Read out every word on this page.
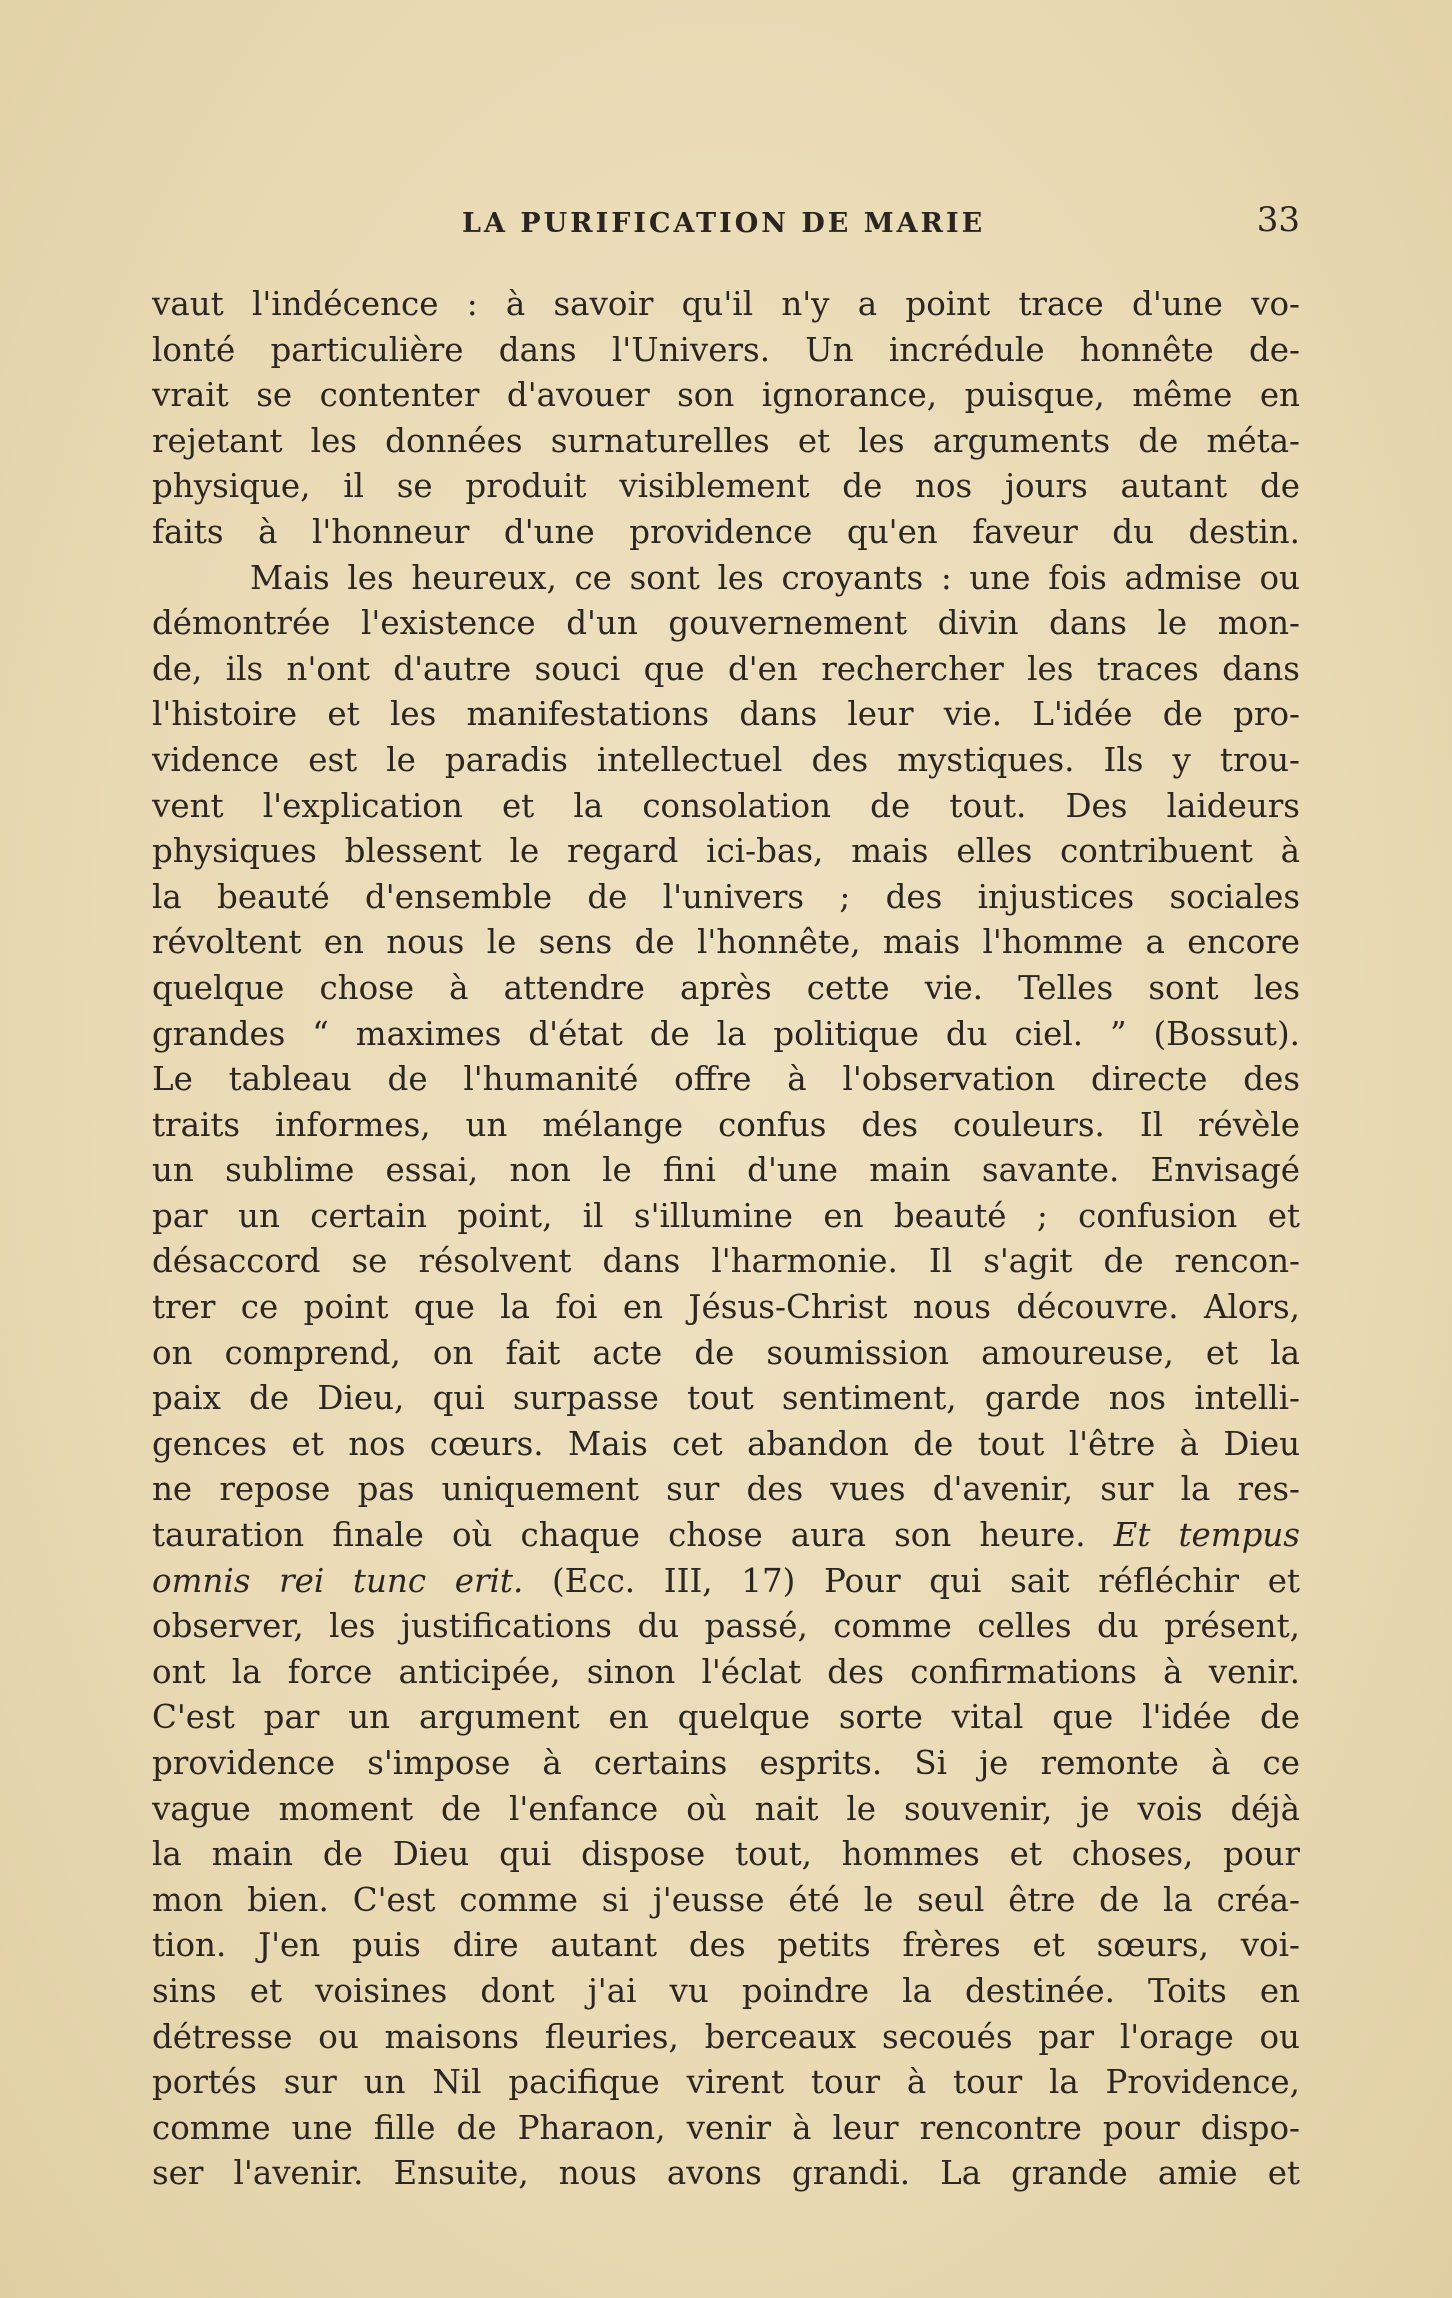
LA PURIFICATION DE MARIE	33
vaut l'indécence : à savoir qu'il n'y a point trace d'une vo-
lonté particulière dans l'Univers. Un incrédule honnête de-
vrait se contenter d'avouer son ignorance, puisque, même en
rejetant les données surnaturelles et les arguments de méta-
physique, il se produit visiblement de nos jours autant de
faits à l'honneur d'une providence qu'en faveur du destin.
Mais les heureux, ce sont les croyants : une fois admise ou
démontrée l'existence d'un gouvernement divin dans le mon-
de, ils n'ont d'autre souci que d'en rechercher les traces dans
l'histoire et les manifestations dans leur vie. L'idée de pro-
vidence est le paradis intellectuel des mystiques. Ils y trou-
vent l'explication et la consolation de tout. Des laideurs
physiques blessent le regard ici-bas, mais elles contribuent à
la beauté d'ensemble de l'univers ; des injustices sociales
révoltent en nous le sens de l'honnête, mais l'homme a encore
quelque chose à attendre après cette vie. Telles sont les
grandes “ maximes d'état de la politique du ciel. ” (Bossut).
Le tableau de l'humanité offre à l'observation directe des
traits informes, un mélange confus des couleurs. Il révèle
un sublime essai, non le fini d'une main savante. Envisagé
par un certain point, il s'illumine en beauté ; confusion et
désaccord se résolvent dans l'harmonie. Il s'agit de rencon-
trer ce point que la foi en Jésus-Christ nous découvre. Alors,
on comprend, on fait acte de soumission amoureuse, et la
paix de Dieu, qui surpasse tout sentiment, garde nos intelli-
gences et nos cœurs. Mais cet abandon de tout l'être à Dieu
ne repose pas uniquement sur des vues d'avenir, sur la res-
tauration finale où chaque chose aura son heure. Et tempus
omnis rei tunc erit. (Ecc. III, 17) Pour qui sait réfléchir et
observer, les justifications du passé, comme celles du présent,
ont la force anticipée, sinon l'éclat des confirmations à venir.
C'est par un argument en quelque sorte vital que l'idée de
providence s'impose à certains esprits. Si je remonte à ce
vague moment de l'enfance où nait le souvenir, je vois déjà
la main de Dieu qui dispose tout, hommes et choses, pour
mon bien. C'est comme si j'eusse été le seul être de la créa-
tion. J'en puis dire autant des petits frères et sœurs, voi-
sins et voisines dont j'ai vu poindre la destinée. Toits en
détresse ou maisons fleuries, berceaux secoués par l'orage ou
portés sur un Nil pacifique virent tour à tour la Providence,
comme une fille de Pharaon, venir à leur rencontre pour dispo-
ser l'avenir. Ensuite, nous avons grandi. La grande amie et
